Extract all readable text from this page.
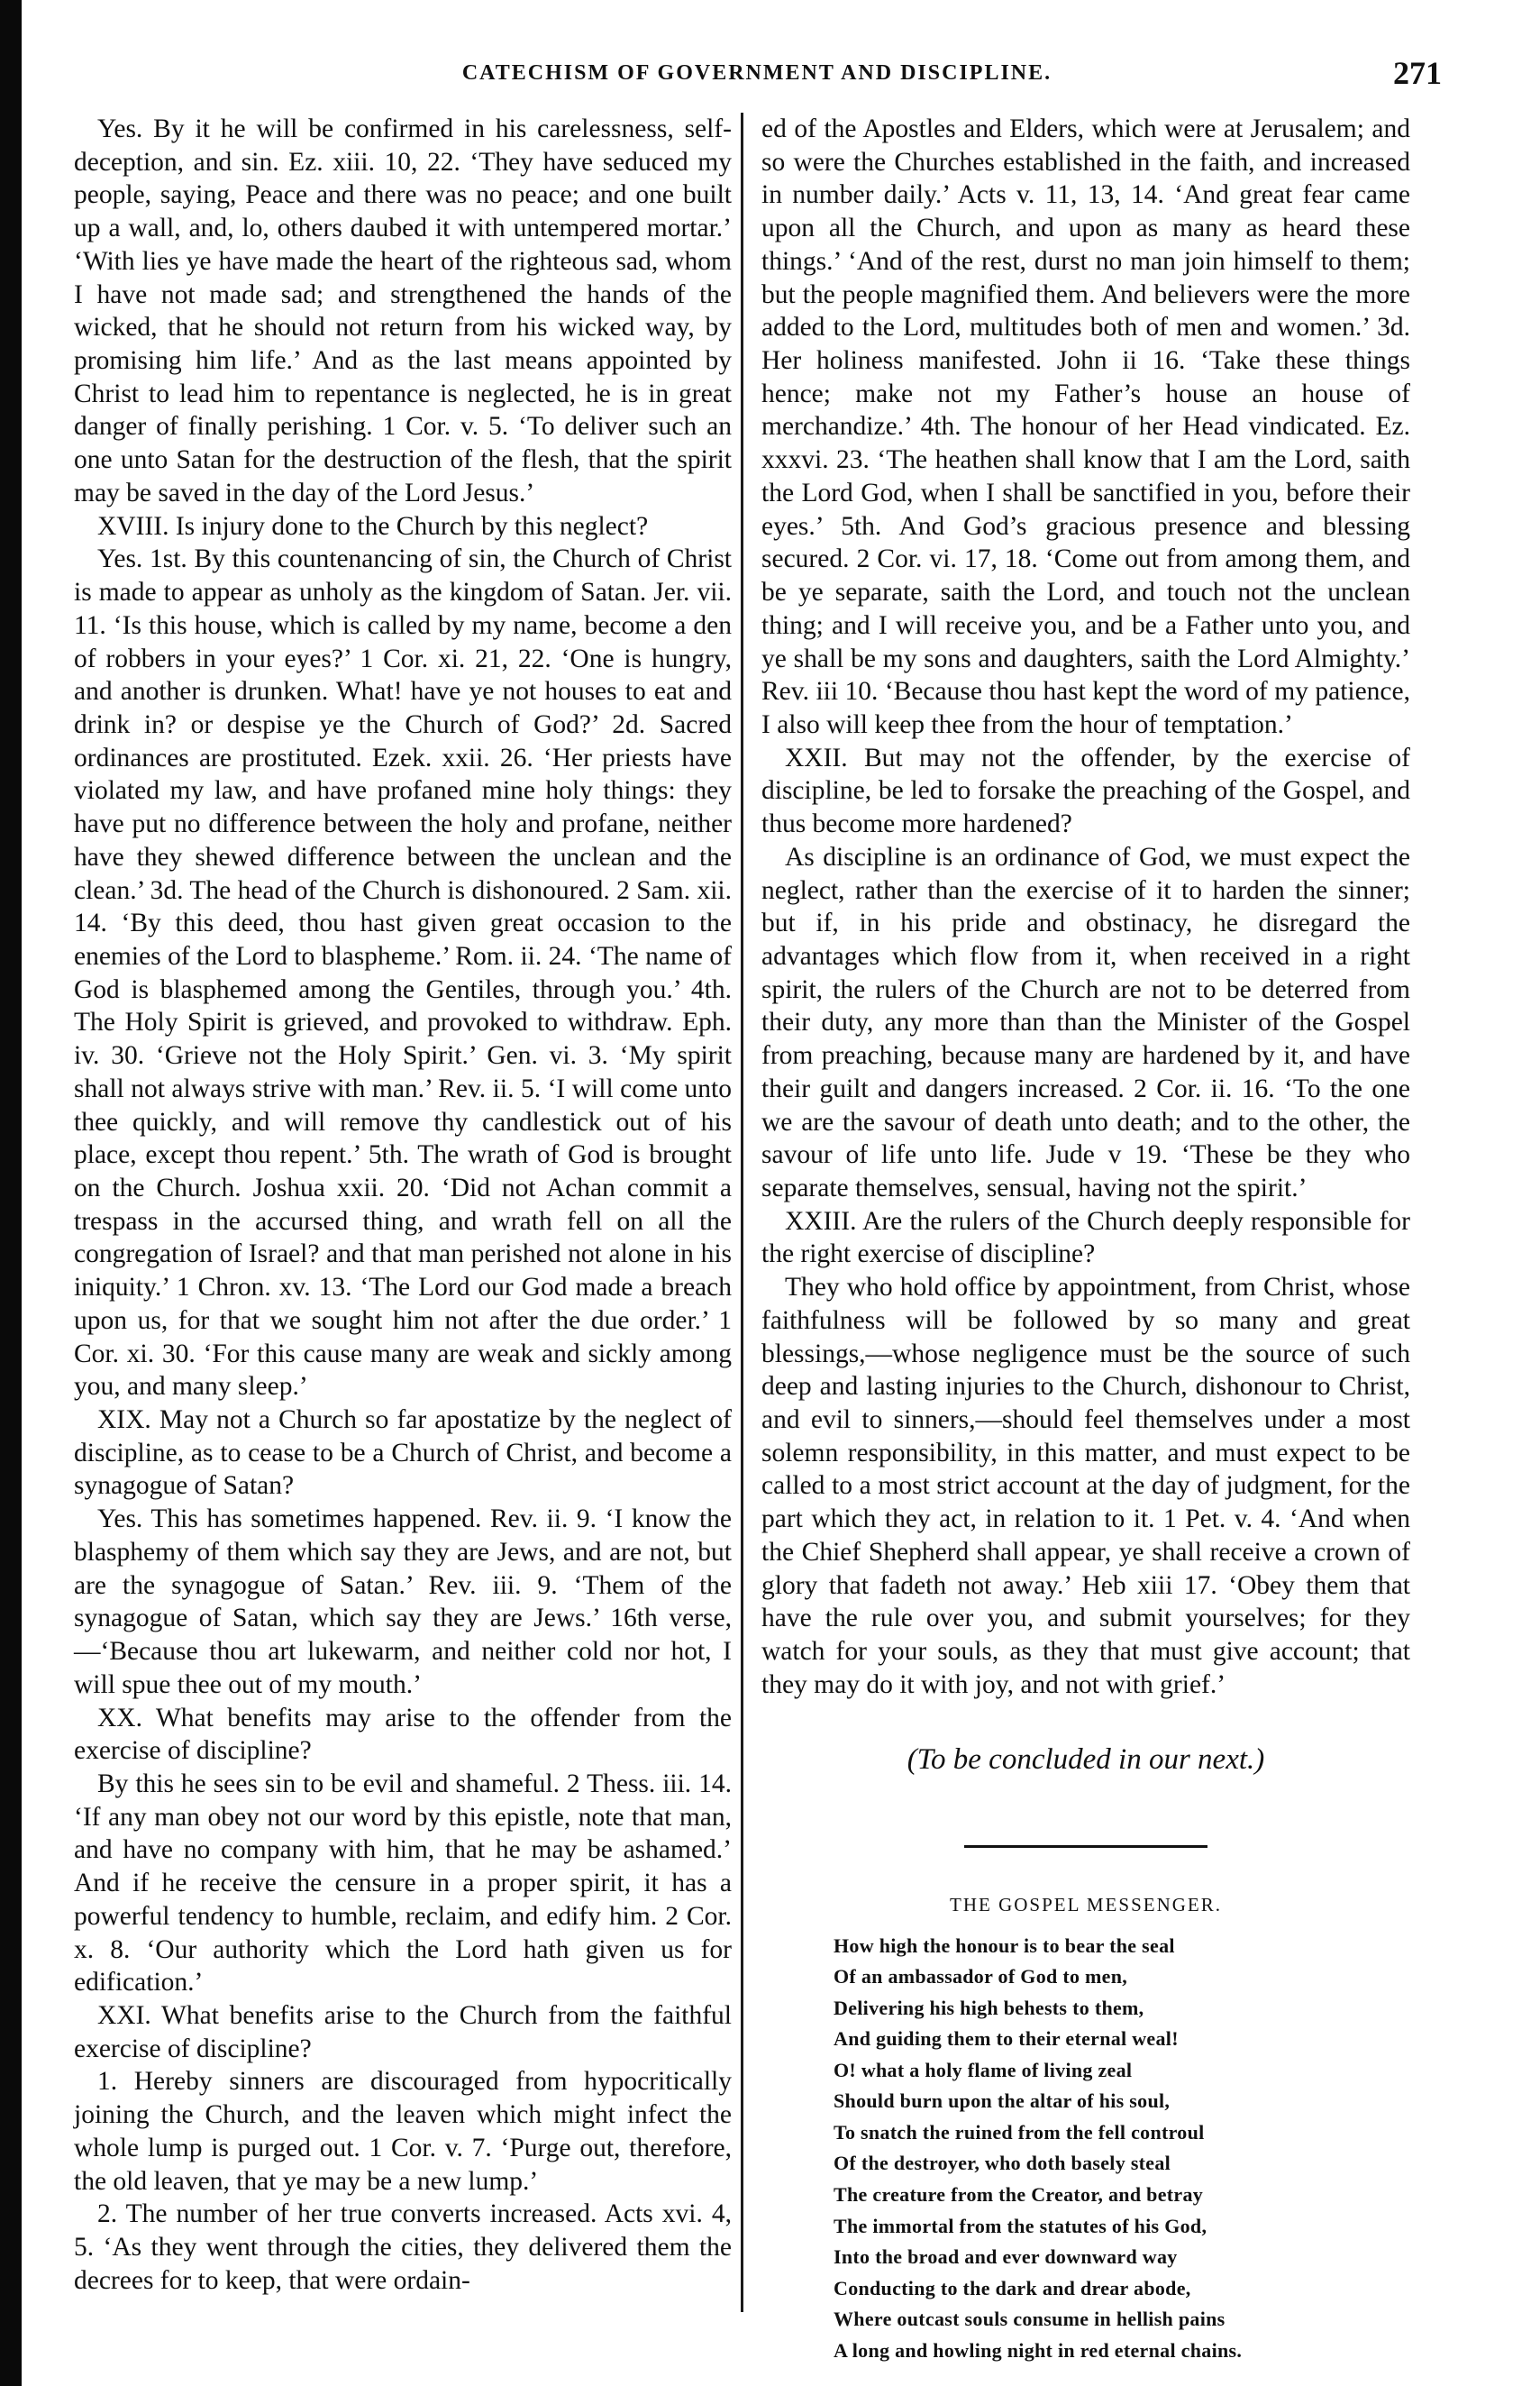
CATECHISM OF GOVERNMENT AND DISCIPLINE.	271

Yes. By it he will be confirmed in his carelessness, self-deception, and sin. Ez. xiii. 10, 22. ‘They have seduced my people, saying, Peace and there was no peace; and one built up a wall, and, lo, others daubed it with untempered mortar.’ ‘With lies ye have made the heart of the righteous sad, whom I have not made sad; and strengthened the hands of the wicked, that he should not return from his wicked way, by promising him life.’ And as the last means appointed by Christ to lead him to repentance is neglected, he is in great danger of finally perishing. 1 Cor. v. 5. ‘To deliver such an one unto Satan for the destruction of the flesh, that the spirit may be saved in the day of the Lord Jesus.’

XVIII. Is injury done to the Church by this neglect?

Yes. 1st. By this countenancing of sin, the Church of Christ is made to appear as unholy as the kingdom of Satan. Jer. vii. 11. ‘Is this house, which is called by my name, become a den of robbers in your eyes?’ 1 Cor. xi. 21, 22. ‘One is hungry, and another is drunken. What! have ye not houses to eat and drink in? or despise ye the Church of God?’ 2d. Sacred ordinances are prostituted. Ezek. xxii. 26. ‘Her priests have violated my law, and have profaned mine holy things: they have put no difference between the holy and profane, neither have they shewed difference between the unclean and the clean.’ 3d. The head of the Church is dishonoured. 2 Sam. xii. 14. ‘By this deed, thou hast given great occasion to the enemies of the Lord to blaspheme.’ Rom. ii. 24. ‘The name of God is blasphemed among the Gentiles, through you.’ 4th. The Holy Spirit is grieved, and provoked to withdraw. Eph. iv. 30. ‘Grieve not the Holy Spirit.’ Gen. vi. 3. ‘My spirit shall not always strive with man.’ Rev. ii. 5. ‘I will come unto thee quickly, and will remove thy candlestick out of his place, except thou repent.’ 5th. The wrath of God is brought on the Church. Joshua xxii. 20. ‘Did not Achan commit a trespass in the accursed thing, and wrath fell on all the congregation of Israel? and that man perished not alone in his iniquity.’ 1 Chron. xv. 13. ‘The Lord our God made a breach upon us, for that we sought him not after the due order.’ 1 Cor. xi. 30. ‘For this cause many are weak and sickly among you, and many sleep.’

XIX. May not a Church so far apostatize by the neglect of discipline, as to cease to be a Church of Christ, and become a synagogue of Satan?

Yes. This has sometimes happened. Rev. ii. 9. ‘I know the blasphemy of them which say they are Jews, and are not, but are the synagogue of Satan.’ Rev. iii. 9. ‘Them of the synagogue of Satan, which say they are Jews.’ 16th verse,—‘Because thou art lukewarm, and neither cold nor hot, I will spue thee out of my mouth.’

XX. What benefits may arise to the offender from the exercise of discipline?

By this he sees sin to be evil and shameful. 2 Thess. iii. 14. ‘If any man obey not our word by this epistle, note that man, and have no company with him, that he may be ashamed.’ And if he receive the censure in a proper spirit, it has a powerful tendency to humble, reclaim, and edify him. 2 Cor. x. 8. ‘Our authority which the Lord hath given us for edification.’

XXI. What benefits arise to the Church from the faithful exercise of discipline?

1. Hereby sinners are discouraged from hypocritically joining the Church, and the leaven which might infect the whole lump is purged out. 1 Cor. v. 7. ‘Purge out, therefore, the old leaven, that ye may be a new lump.’

2. The number of her true converts increased. Acts xvi. 4, 5. ‘As they went through the cities, they delivered them the decrees for to keep, that were ordain-

ed of the Apostles and Elders, which were at Jerusalem; and so were the Churches established in the faith, and increased in number daily.’ Acts v. 11, 13, 14. ‘And great fear came upon all the Church, and upon as many as heard these things.’ ‘And of the rest, durst no man join himself to them; but the people magnified them. And believers were the more added to the Lord, multitudes both of men and women.’ 3d. Her holiness manifested. John ii 16. ‘Take these things hence; make not my Father’s house an house of merchandize.’ 4th. The honour of her Head vindicated. Ez. xxxvi. 23. ‘The heathen shall know that I am the Lord, saith the Lord God, when I shall be sanctified in you, before their eyes.’ 5th. And God’s gracious presence and blessing secured. 2 Cor. vi. 17, 18. ‘Come out from among them, and be ye separate, saith the Lord, and touch not the unclean thing; and I will receive you, and be a Father unto you, and ye shall be my sons and daughters, saith the Lord Almighty.’ Rev. iii 10. ‘Because thou hast kept the word of my patience, I also will keep thee from the hour of temptation.’

XXII. But may not the offender, by the exercise of discipline, be led to forsake the preaching of the Gospel, and thus become more hardened?

As discipline is an ordinance of God, we must expect the neglect, rather than the exercise of it to harden the sinner; but if, in his pride and obstinacy, he disregard the advantages which flow from it, when received in a right spirit, the rulers of the Church are not to be deterred from their duty, any more than than the Minister of the Gospel from preaching, because many are hardened by it, and have their guilt and dangers increased. 2 Cor. ii. 16. ‘To the one we are the savour of death unto death; and to the other, the savour of life unto life. Jude v 19. ‘These be they who separate themselves, sensual, having not the spirit.’

XXIII. Are the rulers of the Church deeply responsible for the right exercise of discipline?

They who hold office by appointment, from Christ, whose faithfulness will be followed by so many and great blessings,—whose negligence must be the source of such deep and lasting injuries to the Church, dishonour to Christ, and evil to sinners,—should feel themselves under a most solemn responsibility, in this matter, and must expect to be called to a most strict account at the day of judgment, for the part which they act, in relation to it. 1 Pet. v. 4. ‘And when the Chief Shepherd shall appear, ye shall receive a crown of glory that fadeth not away.’ Heb xiii 17. ‘Obey them that have the rule over you, and submit yourselves; for they watch for your souls, as they that must give account; that they may do it with joy, and not with grief.’

(To be concluded in our next.)

THE GOSPEL MESSENGER.
How high the honour is to bear the seal
Of an ambassador of God to men,
Delivering his high behests to them,
And guiding them to their eternal weal!
O! what a holy flame of living zeal
Should burn upon the altar of his soul,
To snatch the ruined from the fell controul
Of the destroyer, who doth basely steal
The creature from the Creator, and betray
The immortal from the statutes of his God,
Into the broad and ever downward way
Conducting to the dark and drear abode,
Where outcast souls consume in hellish pains
A long and howling night in red eternal chains.
